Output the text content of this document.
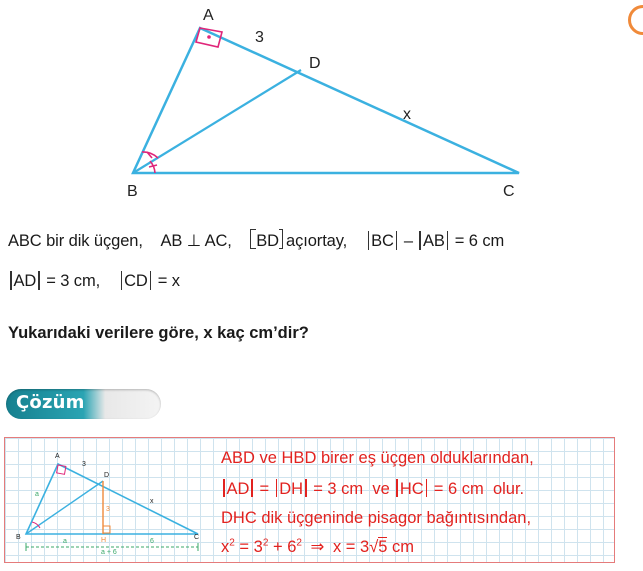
A
B	C
D
3
x
ABC bir dik üçgen, AB ⊥ AC, BD açıortay, BC – AB = 6 cm
AD = 3 cm, CD = x
Yukarıdaki verilere göre, x kaç cm’dir?
Çözüm
A
B	C
D
H
3
a
3
x
a	6
a + 6
ABD ve HBD birer eş üçgen olduklarından,
AD = DH = 3 cm  ve HC = 6 cm  olur.
DHC dik üçgeninde pisagor bağıntısından,
$x^2 = 3^2 + 6^2$ ⇒ x = 3√5 cm
